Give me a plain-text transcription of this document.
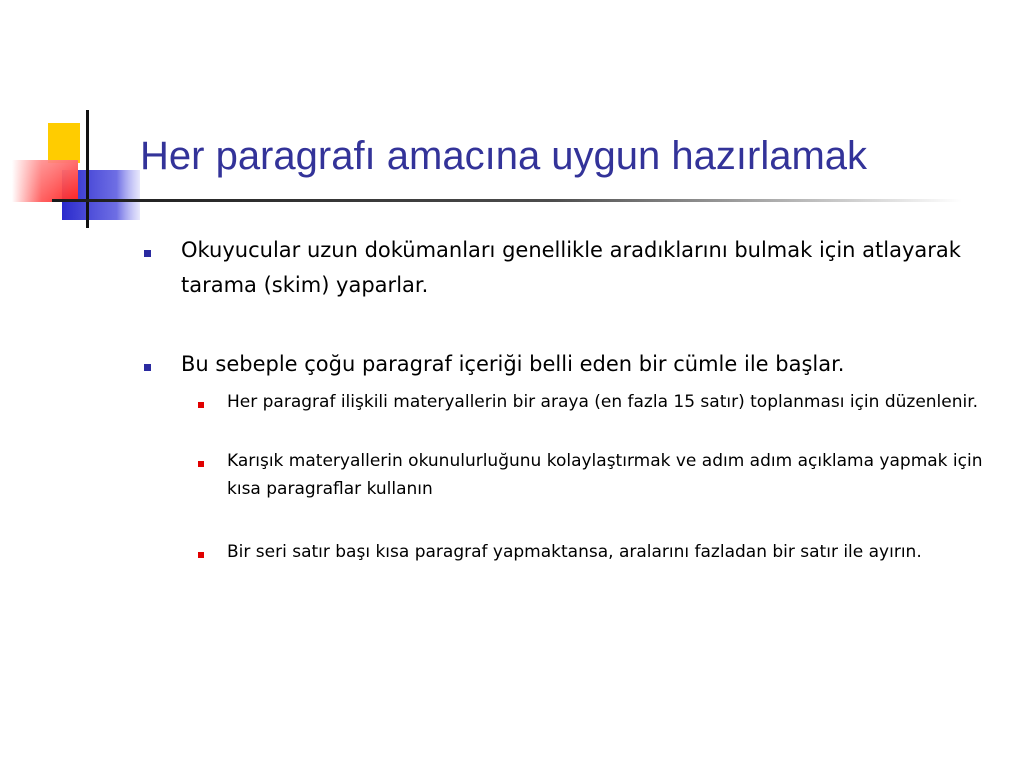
Her paragrafı amacına uygun hazırlamak
Okuyucular uzun dokümanları genellikle aradıklarını bulmak için atlayarak tarama (skim) yaparlar.
Bu sebeple çoğu paragraf içeriği belli eden bir cümle ile başlar.
Her paragraf ilişkili materyallerin bir araya (en fazla 15 satır) toplanması için düzenlenir.
Karışık materyallerin okunulurluğunu kolaylaştırmak ve adım adım açıklama yapmak için kısa paragraflar kullanın
Bir seri satır başı kısa paragraf yapmaktansa, aralarını fazladan bir satır ile ayırın.
